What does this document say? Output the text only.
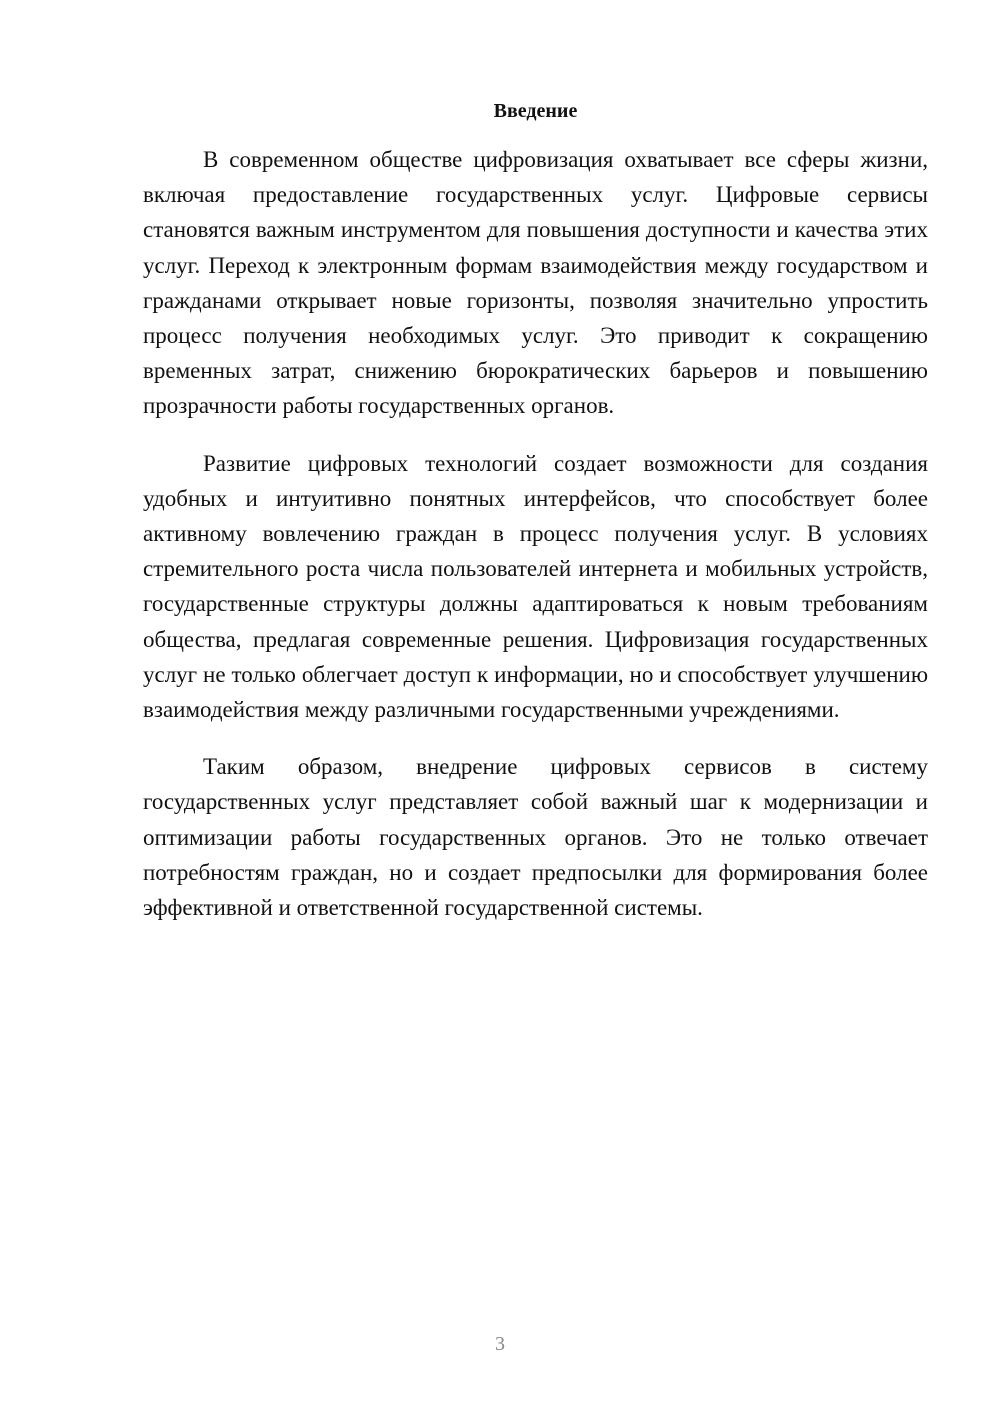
Введение

В современном обществе цифровизация охватывает все сферы жизни, включая предоставление государственных услуг. Цифровые сервисы становятся важным инструментом для повышения доступности и качества этих услуг. Переход к электронным формам взаимодействия между государством и гражданами открывает новые горизонты, позволяя значительно упростить процесс получения необходимых услуг. Это приводит к сокращению временных затрат, снижению бюрократических барьеров и повышению прозрачности работы государственных органов.

Развитие цифровых технологий создает возможности для создания удобных и интуитивно понятных интерфейсов, что способствует более активному вовлечению граждан в процесс получения услуг. В условиях стремительного роста числа пользователей интернета и мобильных устройств, государственные структуры должны адаптироваться к новым требованиям общества, предлагая современные решения. Цифровизация государственных услуг не только облегчает доступ к информации, но и способствует улучшению взаимодействия между различными государственными учреждениями.

Таким образом, внедрение цифровых сервисов в систему государственных услуг представляет собой важный шаг к модернизации и оптимизации работы государственных органов. Это не только отвечает потребностям граждан, но и создает предпосылки для формирования более эффективной и ответственной государственной системы.

3
